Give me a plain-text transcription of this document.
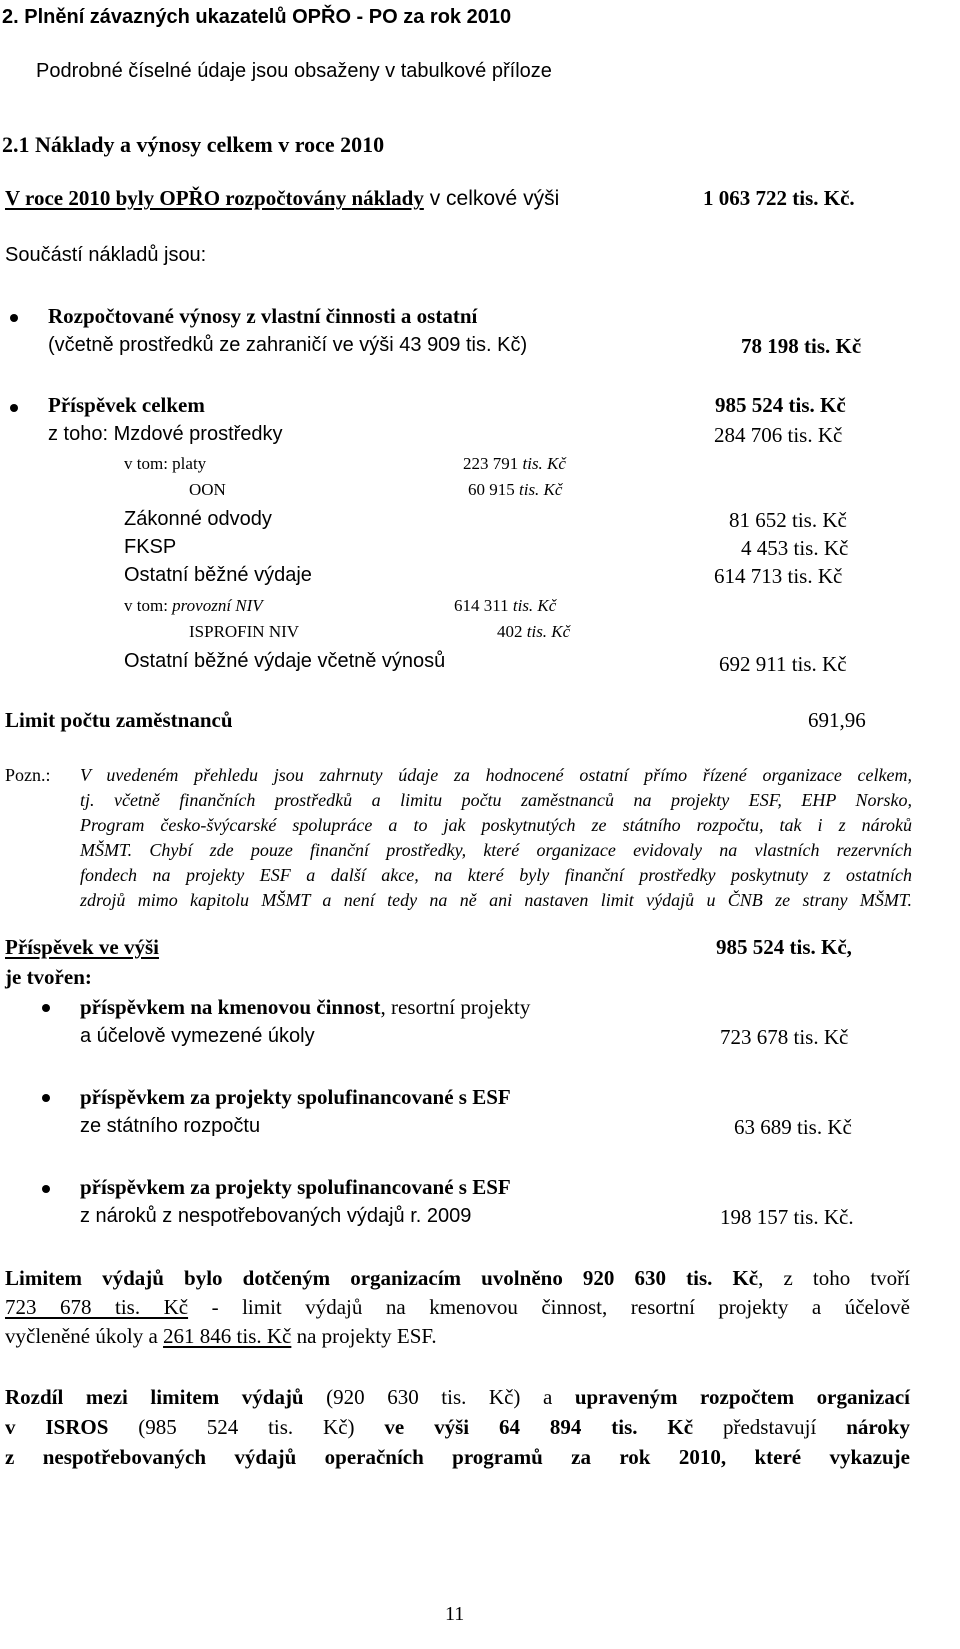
2. Plnění závazných ukazatelů OPŘO - PO za rok 2010
Podrobné číselné údaje jsou obsaženy v tabulkové příloze
2.1 Náklady a výnosy celkem v roce 2010
V roce 2010 byly OPŘO rozpočtovány náklady v celkové výši	1 063 722 tis. Kč.
Součástí nákladů jsou:
Rozpočtované výnosy z vlastní činnosti a ostatní
(včetně prostředků ze zahraničí ve výši 43 909 tis. Kč)	78 198 tis. Kč
Příspěvek celkem	985 524 tis. Kč
z toho: Mzdové prostředky	284 706 tis. Kč
v tom: platy	223 791 tis. Kč
OON	60 915 tis. Kč
Zákonné odvody	81 652 tis. Kč
FKSP	4 453 tis. Kč
Ostatní běžné výdaje	614 713 tis. Kč
v tom: provozní NIV	614 311 tis. Kč
ISPROFIN NIV	402 tis. Kč
Ostatní běžné výdaje včetně výnosů	692 911 tis. Kč
Limit počtu zaměstnanců	691,96
Pozn.: V uvedeném přehledu jsou zahrnuty údaje za hodnocené ostatní přímo řízené organizace celkem,
tj. včetně finančních prostředků a limitu počtu zaměstnanců na projekty ESF, EHP Norsko,
Program česko-švýcarské spolupráce a to jak poskytnutých ze státního rozpočtu, tak i z nároků
MŠMT. Chybí zde pouze finanční prostředky, které organizace evidovaly na vlastních rezervních
fondech na projekty ESF a další akce, na které byly finanční prostředky poskytnuty z ostatních
zdrojů mimo kapitolu MŠMT a není tedy na ně ani nastaven limit výdajů u ČNB ze strany MŠMT.
Příspěvek ve výši	985 524 tis. Kč,
je tvořen:
příspěvkem na kmenovou činnost, resortní projekty
a účelově vymezené úkoly	723 678 tis. Kč
příspěvkem za projekty spolufinancované s ESF
ze státního rozpočtu	63 689 tis. Kč
příspěvkem za projekty spolufinancované s ESF
z nároků z nespotřebovaných výdajů r. 2009	198 157 tis. Kč.
Limitem výdajů bylo dotčeným organizacím uvolněno 920 630 tis. Kč, z toho tvoří
723 678 tis. Kč - limit výdajů na kmenovou činnost, resortní projekty a účelově
vyčleněné úkoly a 261 846 tis. Kč na projekty ESF.
Rozdíl mezi limitem výdajů (920 630 tis. Kč) a upraveným rozpočtem organizací
v ISROS (985 524 tis. Kč) ve výši 64 894 tis. Kč představují nároky
z nespotřebovaných výdajů operačních programů za rok 2010, které vykazuje
11
